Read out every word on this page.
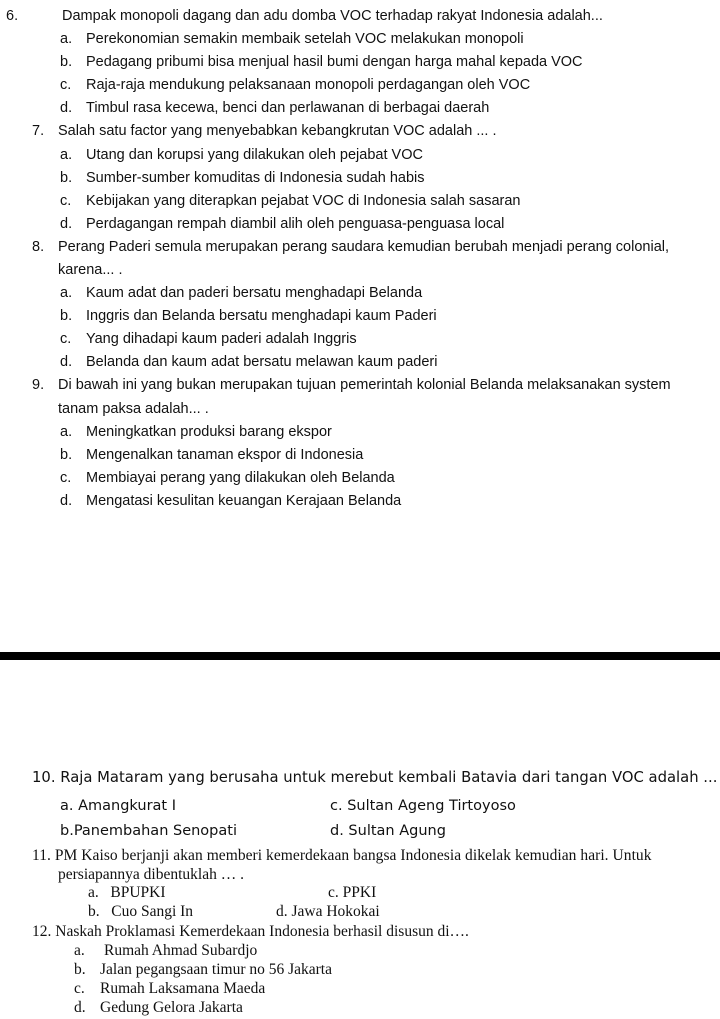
6.	Dampak monopoli dagang dan adu domba VOC terhadap rakyat Indonesia adalah...
a. Perekonomian semakin membaik setelah VOC melakukan monopoli
b. Pedagang pribumi bisa menjual hasil bumi dengan harga mahal kepada VOC
c. Raja-raja mendukung pelaksanaan monopoli perdagangan oleh VOC
d. Timbul rasa kecewa, benci dan perlawanan di berbagai daerah
7. Salah satu factor yang menyebabkan kebangkrutan VOC adalah ... .
a. Utang dan korupsi yang dilakukan oleh pejabat VOC
b. Sumber-sumber komuditas di Indonesia sudah habis
c. Kebijakan yang diterapkan pejabat VOC di Indonesia salah sasaran
d. Perdagangan rempah diambil alih oleh penguasa-penguasa local
8. Perang Paderi semula merupakan perang saudara kemudian berubah menjadi perang colonial,
karena... .
a. Kaum adat dan paderi bersatu menghadapi Belanda
b. Inggris dan Belanda bersatu menghadapi kaum Paderi
c. Yang dihadapi kaum paderi adalah Inggris
d. Belanda dan kaum adat bersatu melawan kaum paderi
9. Di bawah ini yang bukan merupakan tujuan pemerintah kolonial Belanda melaksanakan system
tanam paksa adalah... .
a. Meningkatkan produksi barang ekspor
b. Mengenalkan tanaman ekspor di Indonesia
c. Membiayai perang yang dilakukan oleh Belanda
d. Mengatasi kesulitan keuangan Kerajaan Belanda
10. Raja Mataram yang berusaha untuk merebut kembali Batavia dari tangan VOC adalah ...
a. Amangkurat I	c. Sultan Ageng Tirtoyoso
b.Panembahan Senopati	d. Sultan Agung
11. PM Kaiso berjanji akan memberi kemerdekaan bangsa Indonesia dikelak kemudian hari. Untuk
persiapannya dibentuklah … .
a.   BPUPKI	c. PPKI
b.   Cuo Sangi In	d. Jawa Hokokai
12. Naskah Proklamasi Kemerdekaan Indonesia berhasil disusun di….
a. Rumah Ahmad Subardjo
b. Jalan pegangsaan timur no 56 Jakarta
c. Rumah Laksamana Maeda
d. Gedung Gelora Jakarta
